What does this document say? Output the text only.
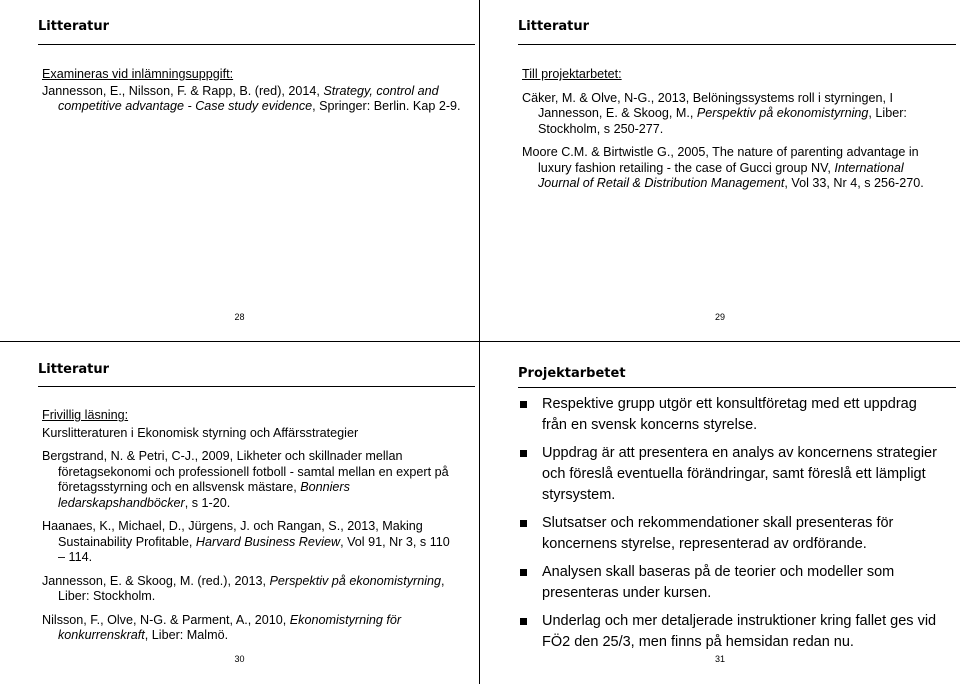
Litteratur

Examineras vid inlämningsuppgift:

Jannesson, E., Nilsson, F. & Rapp, B. (red), 2014, Strategy, control and competitive advantage - Case study evidence, Springer: Berlin. Kap 2-9.

28
Litteratur

Till projektarbetet:

Cäker, M. & Olve, N-G., 2013, Belöningssystems roll i styrningen, I Jannesson, E. & Skoog, M., Perspektiv på ekonomistyrning, Liber: Stockholm, s 250-277.

Moore C.M. & Birtwistle G., 2005, The nature of parenting advantage in luxury fashion retailing - the case of Gucci group NV, International Journal of Retail & Distribution Management, Vol 33, Nr 4, s 256-270.

29
Litteratur

Frivillig läsning:

Kurslitteraturen i Ekonomisk styrning och Affärsstrategier

Bergstrand, N. & Petri, C-J., 2009, Likheter och skillnader mellan företagsekonomi och professionell fotboll - samtal mellan en expert på företagsstyrning och en allsvensk mästare, Bonniers ledarskapshandböcker, s 1-20.

Haanaes, K., Michael, D., Jürgens, J. och Rangan, S., 2013, Making Sustainability Profitable, Harvard Business Review, Vol 91, Nr 3, s 110 – 114.

Jannesson, E. & Skoog, M. (red.), 2013, Perspektiv på ekonomistyrning, Liber: Stockholm.

Nilsson, F., Olve, N-G. & Parment, A., 2010, Ekonomistyrning för konkurrenskraft, Liber: Malmö.

30
Projektarbetet
Respektive grupp utgör ett konsultföretag med ett uppdrag från en svensk koncerns styrelse.
Uppdrag är att presentera en analys av koncernens strategier och föreslå eventuella förändringar, samt föreslå ett lämpligt styrsystem.
Slutsatser och rekommendationer skall presenteras för koncernens styrelse, representerad av ordförande.
Analysen skall baseras på de teorier och modeller som presenteras under kursen.
Underlag och mer detaljerade instruktioner kring fallet ges vid FÖ2 den 25/3, men finns på hemsidan redan nu.
31
